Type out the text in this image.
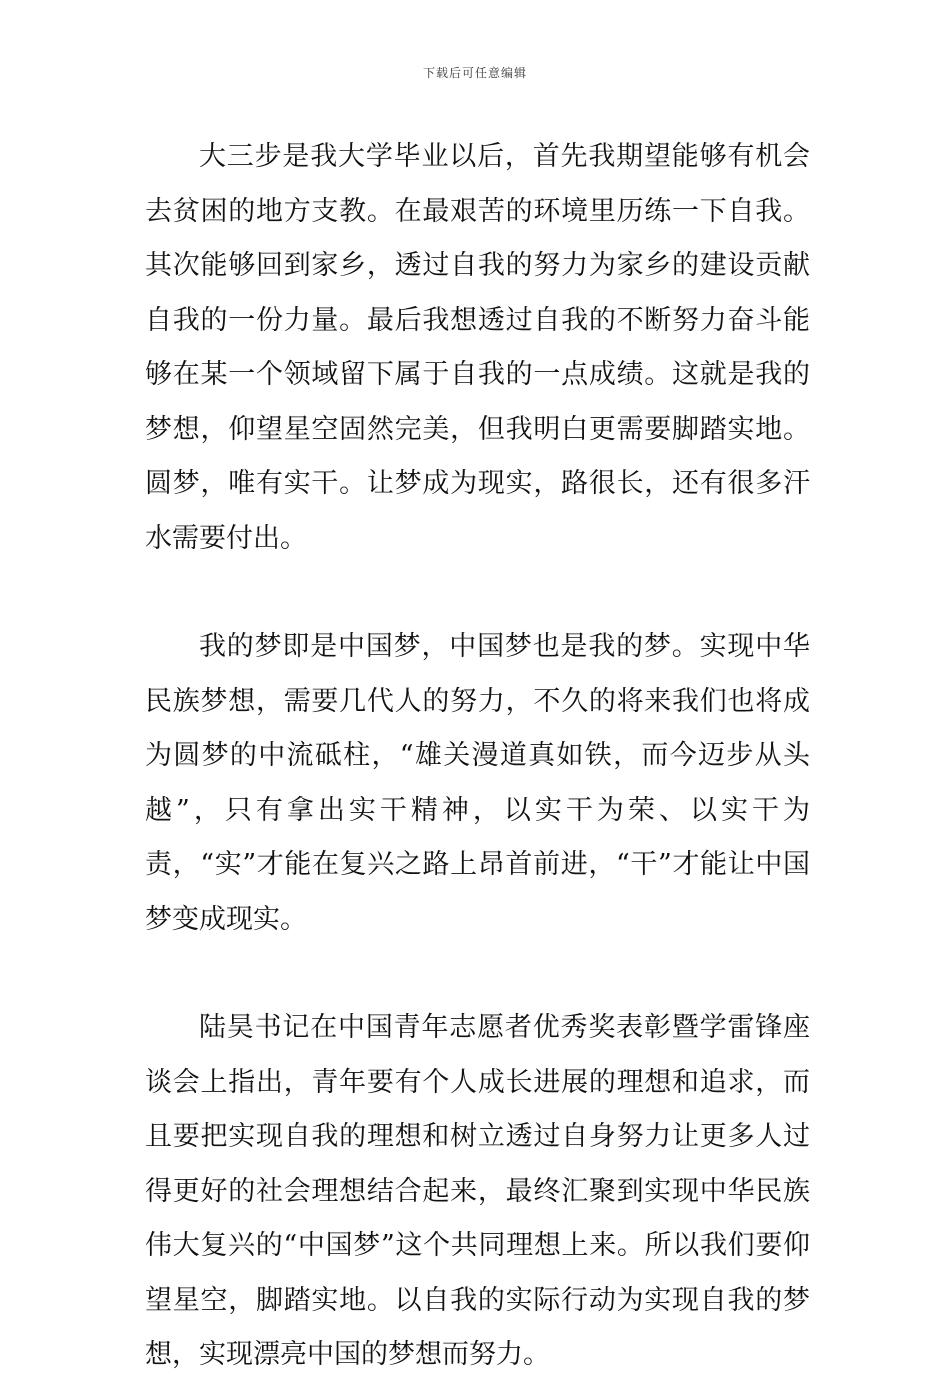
下载后可任意编辑

大三步是我大学毕业以后，首先我期望能够有机会去贫困的地方支教。在最艰苦的环境里历练一下自我。其次能够回到家乡，透过自我的努力为家乡的建设贡献自我的一份力量。最后我想透过自我的不断努力奋斗能够在某一个领域留下属于自我的一点成绩。这就是我的梦想，仰望星空固然完美，但我明白更需要脚踏实地。圆梦，唯有实干。让梦成为现实，路很长，还有很多汗水需要付出。

我的梦即是中国梦，中国梦也是我的梦。实现中华民族梦想，需要几代人的努力，不久的将来我们也将成为圆梦的中流砥柱，“雄关漫道真如铁，而今迈步从头越”，只有拿出实干精神，以实干为荣、以实干为责，“实”才能在复兴之路上昂首前进，“干”才能让中国梦变成现实。

陆昊书记在中国青年志愿者优秀奖表彰暨学雷锋座谈会上指出，青年要有个人成长进展的理想和追求，而且要把实现自我的理想和树立透过自身努力让更多人过得更好的社会理想结合起来，最终汇聚到实现中华民族伟大复兴的“中国梦”这个共同理想上来。所以我们要仰望星空，脚踏实地。以自我的实际行动为实现自我的梦想，实现漂亮中国的梦想而努力。
